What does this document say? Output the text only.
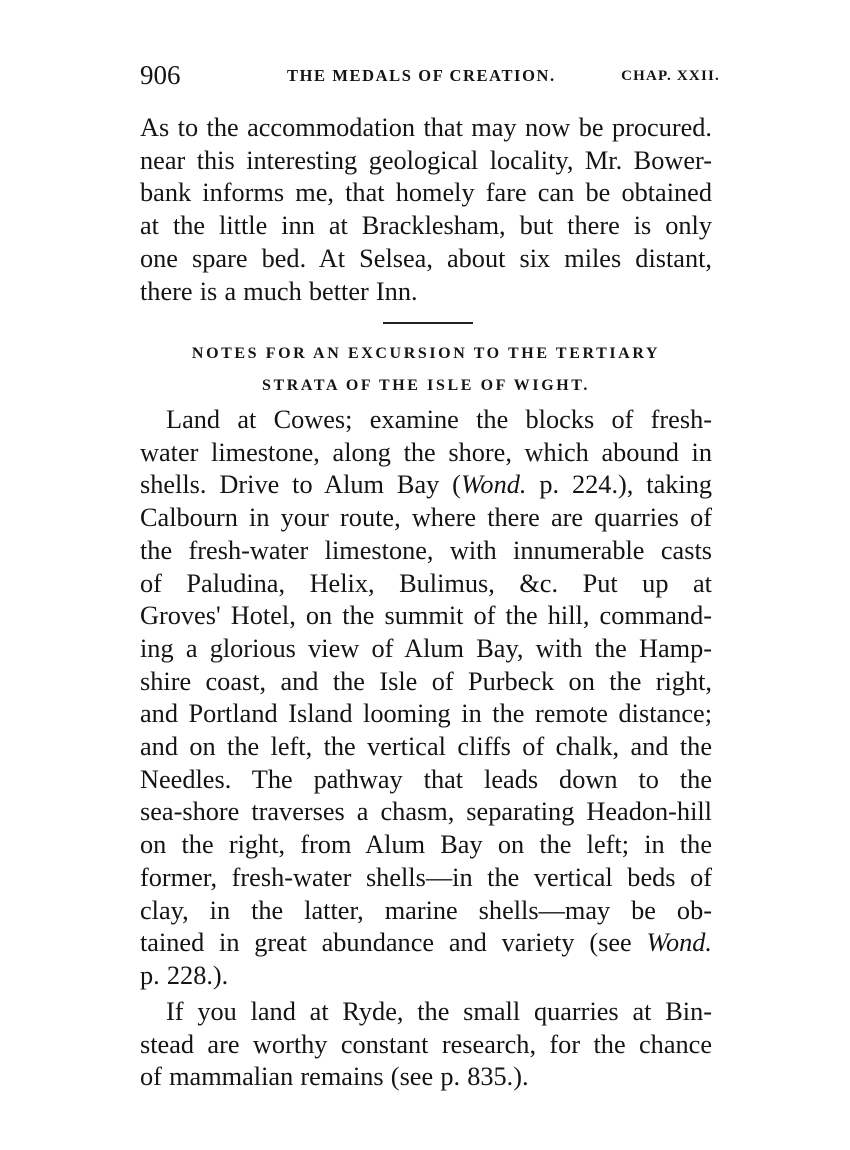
906	THE MEDALS OF CREATION.	CHAP. XXII.
As to the accommodation that may now be procured.
near this interesting geological locality, Mr. Bower-
bank informs me, that homely fare can be obtained
at the little inn at Bracklesham, but there is only
one spare bed. At Selsea, about six miles distant,
there is a much better Inn.
NOTES FOR AN EXCURSION TO THE TERTIARY
STRATA OF THE ISLE OF WIGHT.
Land at Cowes; examine the blocks of fresh-
water limestone, along the shore, which abound in
shells. Drive to Alum Bay (Wond. p. 224.), taking
Calbourn in your route, where there are quarries of
the fresh-water limestone, with innumerable casts
of Paludina, Helix, Bulimus, &c. Put up at
Groves' Hotel, on the summit of the hill, command-
ing a glorious view of Alum Bay, with the Hamp-
shire coast, and the Isle of Purbeck on the right,
and Portland Island looming in the remote distance;
and on the left, the vertical cliffs of chalk, and the
Needles. The pathway that leads down to the
sea-shore traverses a chasm, separating Headon-hill
on the right, from Alum Bay on the left; in the
former, fresh-water shells—in the vertical beds of
clay, in the latter, marine shells—may be ob-
tained in great abundance and variety (see Wond.
p. 228.).
If you land at Ryde, the small quarries at Bin-
stead are worthy constant research, for the chance
of mammalian remains (see p. 835.).
